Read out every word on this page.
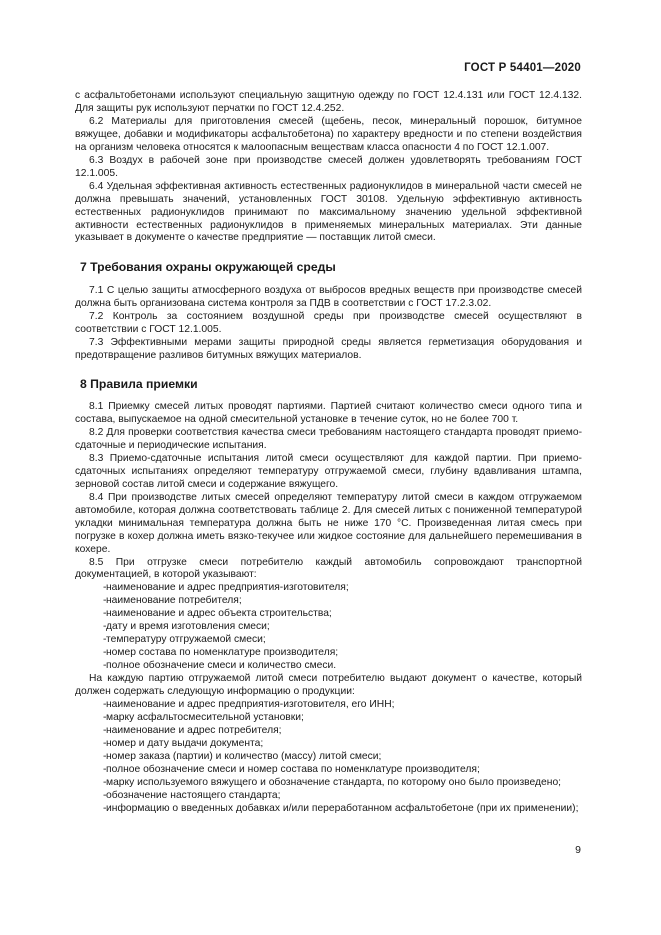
ГОСТ Р 54401—2020

с асфальтобетонами используют специальную защитную одежду по ГОСТ 12.4.131 или ГОСТ 12.4.132. Для защиты рук используют перчатки по ГОСТ 12.4.252.

6.2 Материалы для приготовления смесей (щебень, песок, минеральный порошок, битумное вяжущее, добавки и модификаторы асфальтобетона) по характеру вредности и по степени воздействия на организм человека относятся к малоопасным веществам класса опасности 4 по ГОСТ 12.1.007.

6.3 Воздух в рабочей зоне при производстве смесей должен удовлетворять требованиям ГОСТ 12.1.005.

6.4 Удельная эффективная активность естественных радионуклидов в минеральной части смесей не должна превышать значений, установленных ГОСТ 30108. Удельную эффективную активность естественных радионуклидов принимают по максимальному значению удельной эффективной активности естественных радионуклидов в применяемых минеральных материалах. Эти данные указывает в документе о качестве предприятие — поставщик литой смеси.

7 Требования охраны окружающей среды

7.1 С целью защиты атмосферного воздуха от выбросов вредных веществ при производстве смесей должна быть организована система контроля за ПДВ в соответствии с ГОСТ 17.2.3.02.

7.2 Контроль за состоянием воздушной среды при производстве смесей осуществляют в соответствии с ГОСТ 12.1.005.

7.3 Эффективными мерами защиты природной среды является герметизация оборудования и предотвращение разливов битумных вяжущих материалов.

8 Правила приемки

8.1 Приемку смесей литых проводят партиями. Партией считают количество смеси одного типа и состава, выпускаемое на одной смесительной установке в течение суток, но не более 700 т.

8.2 Для проверки соответствия качества смеси требованиям настоящего стандарта проводят приемо-сдаточные и периодические испытания.

8.3 Приемо-сдаточные испытания литой смеси осуществляют для каждой партии. При приемо-сдаточных испытаниях определяют температуру отгружаемой смеси, глубину вдавливания штампа, зерновой состав литой смеси и содержание вяжущего.

8.4 При производстве литых смесей определяют температуру литой смеси в каждом отгружаемом автомобиле, которая должна соответствовать таблице 2. Для смесей литых с пониженной температурой укладки минимальная температура должна быть не ниже 170 °С. Произведенная литая смесь при погрузке в кохер должна иметь вязко-текучее или жидкое состояние для дальнейшего перемешивания в кохере.

8.5 При отгрузке смеси потребителю каждый автомобиль сопровождают транспортной документацией, в которой указывают:

-наименование и адрес предприятия-изготовителя;

-наименование потребителя;

-наименование и адрес объекта строительства;

-дату и время изготовления смеси;

-температуру отгружаемой смеси;

-номер состава по номенклатуре производителя;

-полное обозначение смеси и количество смеси.

На каждую партию отгружаемой литой смеси потребителю выдают документ о качестве, который должен содержать следующую информацию о продукции:

-наименование и адрес предприятия-изготовителя, его ИНН;

-марку асфальтосмесительной установки;

-наименование и адрес потребителя;

-номер и дату выдачи документа;

-номер заказа (партии) и количество (массу) литой смеси;

-полное обозначение смеси и номер состава по номенклатуре производителя;

-марку используемого вяжущего и обозначение стандарта, по которому оно было произведено;

-обозначение настоящего стандарта;

-информацию о введенных добавках и/или переработанном асфальтобетоне (при их применении);

9
